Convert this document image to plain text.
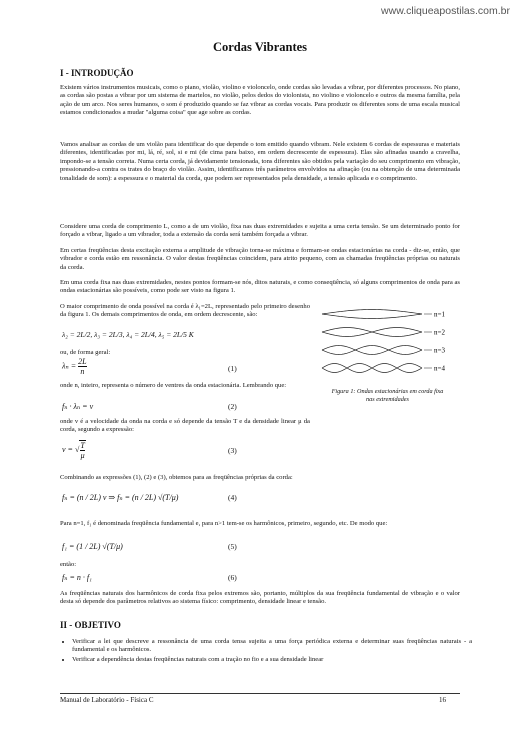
www.cliqueapostilas.com.br
Cordas Vibrantes
I - INTRODUÇÃO

Existem vários instrumentos musicais, como o piano, violão, violino e violoncelo, onde cordas são levadas a vibrar, por diferentes processos. No piano, as cordas são postas a vibrar por um sistema de martelos, no violão, pelos dedos do violonista, no violino e violoncelo e outros da mesma família, pela ação de um arco. Nos seres humanos, o som é produzido quando se faz vibrar as cordas vocais. Para produzir os diferentes sons de uma escala musical estamos condicionados a mudar "alguma coisa" que age sobre as cordas.

Vamos analisar as cordas de um violão para identificar do que depende o tom emitido quando vibram. Nele existem 6 cordas de espessuras e materiais diferentes, identificadas por mi, lá, ré, sol, si e mi (de cima para baixo, em ordem decrescente de espessura). Elas são afinadas usando a cravelha, impondo-se a tensão correta. Numa certa corda, já devidamente tensionada, tons diferentes são obtidos pela variação do seu comprimento em vibração, pressionando-a contra os trates do braço do violão. Assim, identificamos três parâmetros envolvidos na afinação (ou na obtenção de uma determinada tonalidade de som): a espessura e o material da corda, que podem ser representados pela densidade, a tensão aplicada e o comprimento.

Considere uma corda de comprimento L, como a de um violão, fixa nas duas extremidades e sujeita a uma certa tensão. Se um determinado ponto for forçado a vibrar, ligado a um vibrador, toda a extensão da corda será também forçada a vibrar.

Em certas freqüências desta excitação externa a amplitude de vibração torna-se máxima e formam-se ondas estacionárias na corda - diz-se, então, que vibrador e corda estão em ressonância. O valor destas freqüências coincidem, para atrito pequeno, com as chamadas freqüências próprias ou naturais da corda.

Em uma corda fixa nas duas extremidades, nestes pontos formam-se nós, ditos naturais, e como conseqüência, só alguns comprimentos de onda para as ondas estacionárias são possíveis, como pode ser visto na figura 1.

O maior comprimento de onda possível na corda é λ₁=2L, representado pelo primeiro desenho da figura 1. Os demais comprimentos de onda, em ordem decrescente, são:

λ₂ = 2L/2, λ₃ = 2L/3, λ₄ = 2L/4, λ₅ = 2L/5 K
ou, de forma geral:
$\lambda_n = \frac{2L}{n}$	(1)

onde n, inteiro, representa o número de ventres da onda estacionária. Lembrando que:

fₙ · λₙ = v	(2)

onde v é a velocidade da onda na corda e só depende da tensão T e da densidade linear μ da corda, segundo a expressão:

v = √ $\frac{T}{\mu}$	(3)

Combinando as expressões (1), (2) e (3), obtemos para as freqüências próprias da corda:

fₙ = (n / 2L) v ⇒ fₙ = (n / 2L) √(T/μ)	(4)

Para n=1, f₁ é denominada freqüência fundamental e, para n>1 tem-se os harmônicos, primeiro, segundo, etc. De modo que:

f₁ = (1 / 2L) √(T/μ)	(5)
então:
fₙ = n · f₁	(6)

As freqüências naturais dos harmônicos de corda fixa pelos extremos são, portanto, múltiplos da sua freqüência fundamental de vibração e o valor desta só depende dos parâmetros relativos ao sistema físico: comprimento, densidade linear e tensão.

II - OBJETIVO
• Verificar a lei que descreve a ressonância de uma corda tensa sujeita a uma força periódica externa e determinar suas freqüências naturais - a fundamental e os harmônicos.
• Verificar a dependência destas freqüências naturais com a tração no fio e a sua densidade linear
n=1
n=2
n=3
n=4
Figura 1: Ondas estacionárias em corda fixa nas extremidades
Manual de Laboratório - Física C	16
